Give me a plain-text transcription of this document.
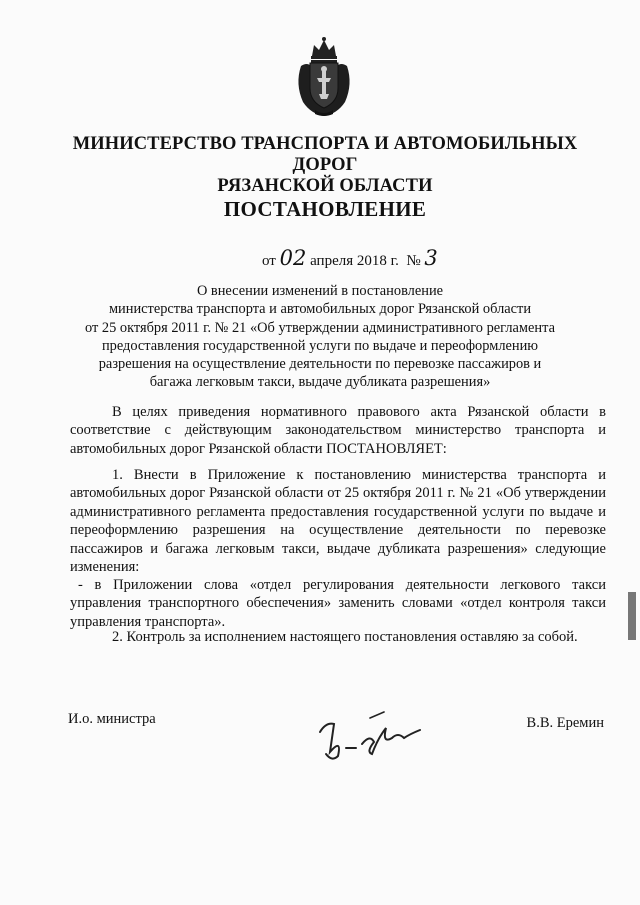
МИНИСТЕРСТВО ТРАНСПОРТА И АВТОМОБИЛЬНЫХ ДОРОГ
РЯЗАНСКОЙ ОБЛАСТИ
ПОСТАНОВЛЕНИЕ
от 02 апреля 2018 г. № 3
О внесении изменений в постановление
министерства транспорта и автомобильных дорог Рязанской области
от 25 октября 2011 г. № 21 «Об утверждении административного регламента
предоставления государственной услуги по выдаче и переоформлению
разрешения на осуществление деятельности по перевозке пассажиров и
багажа легковым такси, выдаче дубликата разрешения»
В целях приведения нормативного правового акта Рязанской области в соответствие с действующим законодательством министерство транспорта и автомобильных дорог Рязанской области ПОСТАНОВЛЯЕТ:
1. Внести в Приложение к постановлению министерства транспорта и автомобильных дорог Рязанской области от 25 октября 2011 г. № 21 «Об утверждении административного регламента предоставления государственной услуги по выдаче и переоформлению разрешения на осуществление деятельности по перевозке пассажиров и багажа легковым такси, выдаче дубликата разрешения» следующие изменения:
- в Приложении слова «отдел регулирования деятельности легкового такси управления транспортного обеспечения» заменить словами «отдел контроля такси управления транспорта».
2. Контроль за исполнением настоящего постановления оставляю за собой.
И.о. министра	В.В. Еремин
